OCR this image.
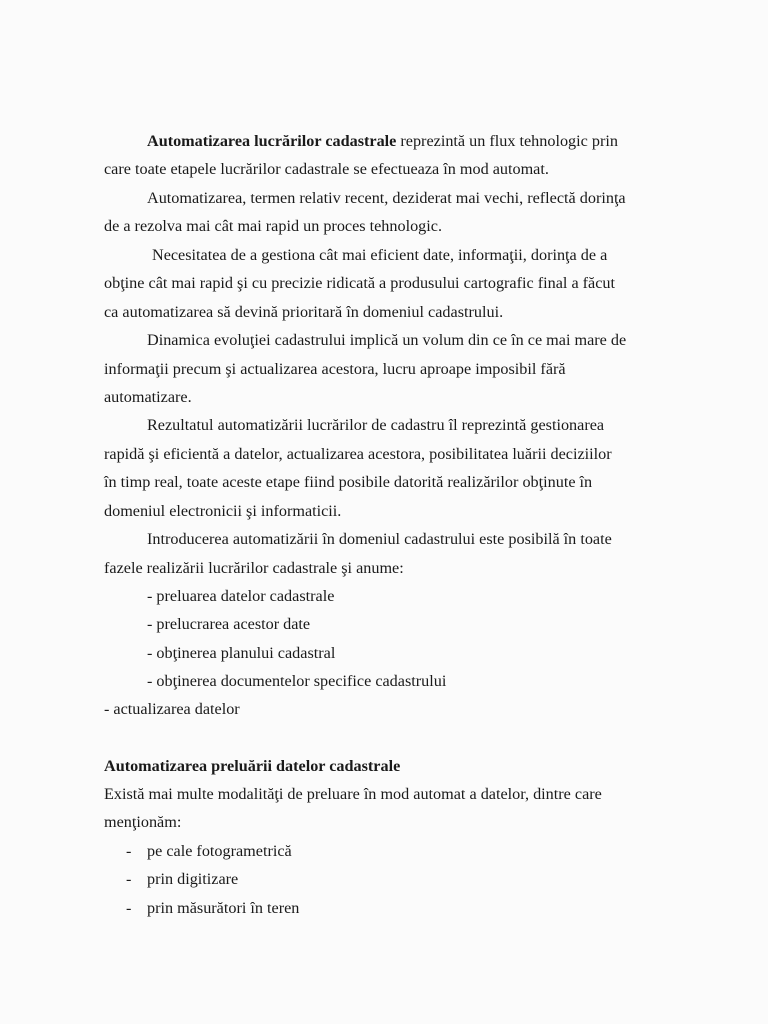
Automatizarea lucrărilor cadastrale reprezintă un flux tehnologic prin
care toate etapele lucrărilor cadastrale se efectueaza în mod automat.
Automatizarea, termen relativ recent, deziderat mai vechi, reflectă dorinţa
de a rezolva mai cât mai rapid un proces tehnologic.
Necesitatea de a gestiona cât mai eficient date, informaţii, dorinţa de a
obţine cât mai rapid şi cu precizie ridicată a produsului cartografic final a făcut
ca automatizarea să devină prioritară în domeniul cadastrului.
Dinamica evoluţiei cadastrului implică un volum din ce în ce mai mare de
informaţii precum şi actualizarea acestora, lucru aproape imposibil fără
automatizare.
Rezultatul automatizării lucrărilor de cadastru îl reprezintă gestionarea
rapidă şi eficientă a datelor, actualizarea acestora, posibilitatea luării deciziilor
în timp real, toate aceste etape fiind posibile datorită realizărilor obţinute în
domeniul electronicii şi informaticii.
Introducerea automatizării în domeniul cadastrului este posibilă în toate
fazele realizării lucrărilor cadastrale şi anume:
- preluarea datelor cadastrale
- prelucrarea acestor date
- obţinerea planului cadastral
- obţinerea documentelor specifice cadastrului
- actualizarea datelor
Automatizarea preluării datelor cadastrale
Există mai multe modalităţi de preluare în mod automat a datelor, dintre care
menţionăm:
- pe cale fotogrametrică
- prin digitizare
- prin măsurători în teren
